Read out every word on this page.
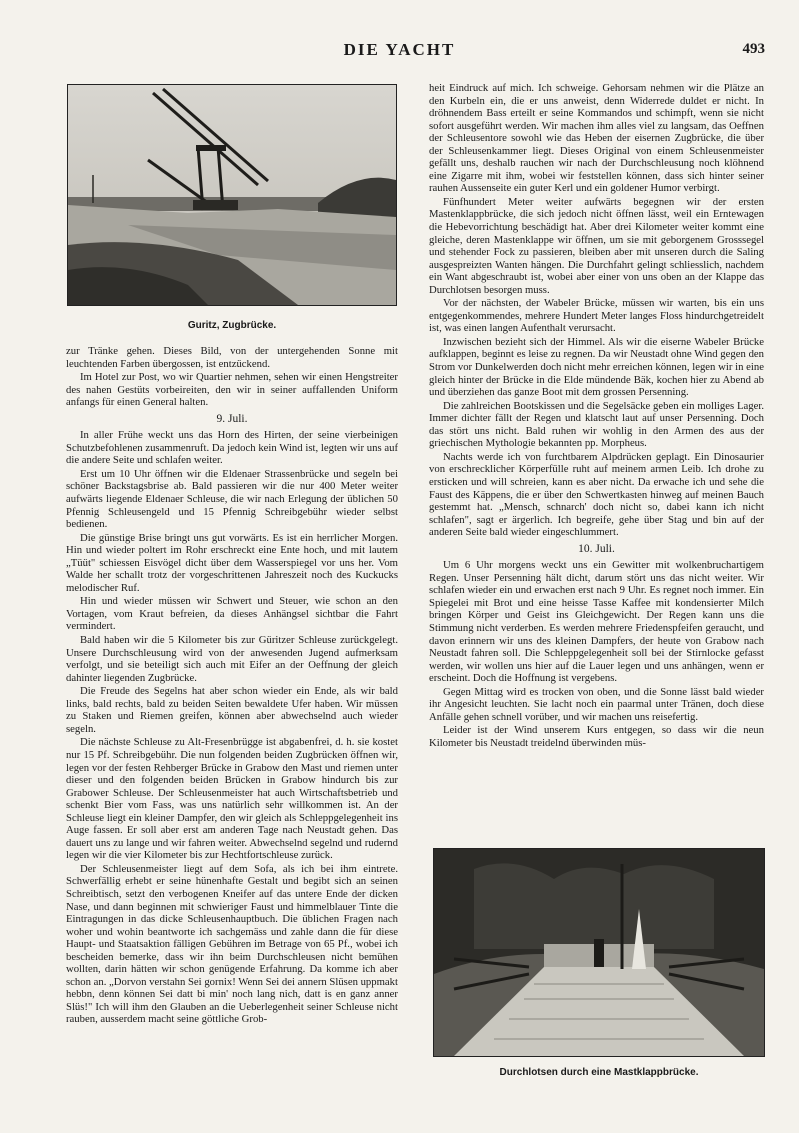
DIE YACHT	493
Guritz, Zugbrücke.

zur Tränke gehen. Dieses Bild, von der untergehenden Sonne mit leuchtenden Farben übergossen, ist entzückend.

Im Hotel zur Post, wo wir Quartier nehmen, sehen wir einen Hengstreiter des nahen Gestüts vorbeireiten, den wir in seiner auffallenden Uniform anfangs für einen General halten.

9. Juli.

In aller Frühe weckt uns das Horn des Hirten, der seine vierbeinigen Schutzbefohlenen zusammenruft. Da jedoch kein Wind ist, legten wir uns auf die andere Seite und schlafen weiter.

Erst um 10 Uhr öffnen wir die Eldenaer Strassenbrücke und segeln bei schöner Backstagsbrise ab. Bald passieren wir die nur 400 Meter weiter aufwärts liegende Eldenaer Schleuse, die wir nach Erlegung der üblichen 50 Pfennig Schleusengeld und 15 Pfennig Schreibgebühr wieder selbst bedienen.

Die günstige Brise bringt uns gut vorwärts. Es ist ein herrlicher Morgen. Hin und wieder poltert im Rohr erschreckt eine Ente hoch, und mit lautem „Tüüt" schiessen Eisvögel dicht über dem Wasserspiegel vor uns her. Vom Walde her schallt trotz der vorgeschrittenen Jahreszeit noch des Kuckucks melodischer Ruf.

Hin und wieder müssen wir Schwert und Steuer, wie schon an den Vortagen, vom Kraut befreien, da dieses Anhängsel sichtbar die Fahrt vermindert.

Bald haben wir die 5 Kilometer bis zur Güritzer Schleuse zurückgelegt. Unsere Durchschleusung wird von der anwesenden Jugend aufmerksam verfolgt, und sie beteiligt sich auch mit Eifer an der Oeffnung der gleich dahinter liegenden Zugbrücke.

Die Freude des Segelns hat aber schon wieder ein Ende, als wir bald links, bald rechts, bald zu beiden Seiten bewaldete Ufer haben. Wir müssen zu Staken und Riemen greifen, können aber abwechselnd auch wieder segeln.

Die nächste Schleuse zu Alt-Fresenbrügge ist abgabenfrei, d. h. sie kostet nur 15 Pf. Schreibgebühr. Die nun folgenden beiden Zugbrücken öffnen wir, legen vor der festen Rehberger Brücke in Grabow den Mast und riemen unter dieser und den folgenden beiden Brücken in Grabow hindurch bis zur Grabower Schleuse. Der Schleusenmeister hat auch Wirtschaftsbetrieb und schenkt Bier vom Fass, was uns natürlich sehr willkommen ist. An der Schleuse liegt ein kleiner Dampfer, den wir gleich als Schleppgelegenheit ins Auge fassen. Er soll aber erst am anderen Tage nach Neustadt gehen. Das dauert uns zu lange und wir fahren weiter. Abwechselnd segelnd und rudernd legen wir die vier Kilometer bis zur Hechtfortschleuse zurück.

Der Schleusenmeister liegt auf dem Sofa, als ich bei ihm eintrete. Schwerfällig erhebt er seine hünenhafte Gestalt und begibt sich an seinen Schreibtisch, setzt den verbogenen Kneifer auf das untere Ende der dicken Nase, und dann beginnen mit schwieriger Faust und himmelblauer Tinte die Eintragungen in das dicke Schleusenhauptbuch. Die üblichen Fragen nach woher und wohin beantworte ich sachgemäss und zahle dann die für diese Haupt- und Staatsaktion fälligen Gebühren im Betrage von 65 Pf., wobei ich bescheiden bemerke, dass wir ihn beim Durchschleusen nicht bemühen wollten, darin hätten wir schon genügende Erfahrung. Da komme ich aber schon an. „Dorvon verstahn Sei gornix! Wenn Sei dei annern Slüsen uppmakt hebbn, denn können Sei datt bi min' noch lang nich, datt is en ganz anner Slüs!" Ich will ihm den Glauben an die Ueberlegenheit seiner Schleuse nicht rauben, ausserdem macht seine göttliche Grob-

heit Eindruck auf mich. Ich schweige. Gehorsam nehmen wir die Plätze an den Kurbeln ein, die er uns anweist, denn Widerrede duldet er nicht. In dröhnendem Bass erteilt er seine Kommandos und schimpft, wenn sie nicht sofort ausgeführt werden. Wir machen ihm alles viel zu langsam, das Oeffnen der Schleusentore sowohl wie das Heben der eisernen Zugbrücke, die über der Schleusenkammer liegt. Dieses Original von einem Schleusenmeister gefällt uns, deshalb rauchen wir nach der Durchschleusung noch klöhnend eine Zigarre mit ihm, wobei wir feststellen können, dass sich hinter seiner rauhen Aussenseite ein guter Kerl und ein goldener Humor verbirgt.

Fünfhundert Meter weiter aufwärts begegnen wir der ersten Mastenklappbrücke, die sich jedoch nicht öffnen lässt, weil ein Erntewagen die Hebevorrichtung beschädigt hat. Aber drei Kilometer weiter kommt eine gleiche, deren Mastenklappe wir öffnen, um sie mit geborgenem Grosssegel und stehender Fock zu passieren, bleiben aber mit unseren durch die Saling ausgespreizten Wanten hängen. Die Durchfahrt gelingt schliesslich, nachdem ein Want abgeschraubt ist, wobei aber einer von uns oben an der Klappe das Durchlotsen besorgen muss.

Vor der nächsten, der Wabeler Brücke, müssen wir warten, bis ein uns entgegenkommendes, mehrere Hundert Meter langes Floss hindurchgetreidelt ist, was einen langen Aufenthalt verursacht.

Inzwischen bezieht sich der Himmel. Als wir die eiserne Wabeler Brücke aufklappen, beginnt es leise zu regnen. Da wir Neustadt ohne Wind gegen den Strom vor Dunkelwerden doch nicht mehr erreichen können, legen wir in eine gleich hinter der Brücke in die Elde mündende Bäk, kochen hier zu Abend ab und überziehen das ganze Boot mit dem grossen Persenning.

Die zahlreichen Bootskissen und die Segelsäcke geben ein molliges Lager. Immer dichter fällt der Regen und klatscht laut auf unser Persenning. Doch das stört uns nicht. Bald ruhen wir wohlig in den Armen des aus der griechischen Mythologie bekannten pp. Morpheus.

Nachts werde ich von furchtbarem Alpdrücken geplagt. Ein Dinosaurier von erschrecklicher Körperfülle ruht auf meinem armen Leib. Ich drohe zu ersticken und will schreien, kann es aber nicht. Da erwache ich und sehe die Faust des Käppens, die er über den Schwertkasten hinweg auf meinen Bauch gestemmt hat. „Mensch, schnarch' doch nicht so, dabei kann ich nicht schlafen", sagt er ärgerlich. Ich begreife, gehe über Stag und bin auf der anderen Seite bald wieder eingeschlummert.

10. Juli.

Um 6 Uhr morgens weckt uns ein Gewitter mit wolkenbruchartigem Regen. Unser Persenning hält dicht, darum stört uns das nicht weiter. Wir schlafen wieder ein und erwachen erst nach 9 Uhr. Es regnet noch immer. Ein Spiegelei mit Brot und eine heisse Tasse Kaffee mit kondensierter Milch bringen Körper und Geist ins Gleichgewicht. Der Regen kann uns die Stimmung nicht verderben. Es werden mehrere Friedenspfeifen geraucht, und davon erinnern wir uns des kleinen Dampfers, der heute von Grabow nach Neustadt fahren soll. Die Schleppgelegenheit soll bei der Stirnlocke gefasst werden, wir wollen uns hier auf die Lauer legen und uns anhängen, wenn er erscheint. Doch die Hoffnung ist vergebens.

Gegen Mittag wird es trocken von oben, und die Sonne lässt bald wieder ihr Angesicht leuchten. Sie lacht noch ein paarmal unter Tränen, doch diese Anfälle gehen schnell vorüber, und wir machen uns reisefertig.

Leider ist der Wind unserem Kurs entgegen, so dass wir die neun Kilometer bis Neustadt treidelnd überwinden müs-

Durchlotsen durch eine Mastklappbrücke.
